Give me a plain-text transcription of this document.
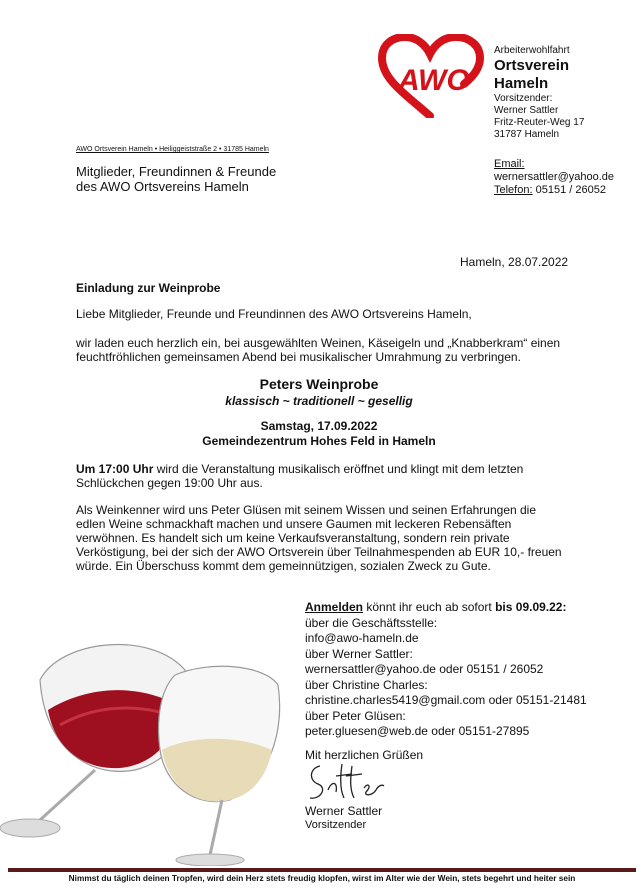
AWO
Arbeiterwohlfahrt
Ortsverein
Hameln
Vorsitzender:
Werner Sattler
Fritz-Reuter-Weg 17
31787 Hameln
Email:
wernersattler@yahoo.de
Telefon: 05151 / 26052
AWO Ortsverein Hameln • Heiliggeiststraße 2 • 31785 Hameln
Mitglieder, Freundinnen & Freunde
des AWO Ortsvereins Hameln
Hameln, 28.07.2022
Einladung zur Weinprobe
Liebe Mitglieder, Freunde und Freundinnen des AWO Ortsvereins Hameln,
wir laden euch herzlich ein, bei ausgewählten Weinen, Käseigeln und „Knabberkram“ einen feuchtfröhlichen gemeinsamen Abend bei musikalischer Umrahmung zu verbringen.
Peters Weinprobe
klassisch ~ traditionell ~ gesellig
Samstag, 17.09.2022
Gemeindezentrum Hohes Feld in Hameln
Um 17:00 Uhr wird die Veranstaltung musikalisch eröffnet und klingt mit dem letzten Schlückchen gegen 19:00 Uhr aus.
Als Weinkenner wird uns Peter Glüsen mit seinem Wissen und seinen Erfahrungen die edlen Weine schmackhaft machen und unsere Gaumen mit leckeren Rebensäften verwöhnen. Es handelt sich um keine Verkaufsveranstaltung, sondern rein private Verköstigung, bei der sich der AWO Ortsverein über Teilnahmespenden ab EUR 10,- freuen würde. Ein Überschuss kommt dem gemeinnützigen, sozialen Zweck zu Gute.
Anmelden könnt ihr euch ab sofort bis 09.09.22:
über die Geschäftsstelle:
info@awo-hameln.de
über Werner Sattler:
wernersattler@yahoo.de oder 05151 / 26052
über Christine Charles:
christine.charles5419@gmail.com oder 05151-21481
über Peter Glüsen:
peter.gluesen@web.de oder 05151-27895
Mit herzlichen Grüßen
Werner Sattler
Vorsitzender
Nimmst du täglich deinen Tropfen, wird dein Herz stets freudig klopfen, wirst im Alter wie der Wein, stets begehrt und heiter sein
